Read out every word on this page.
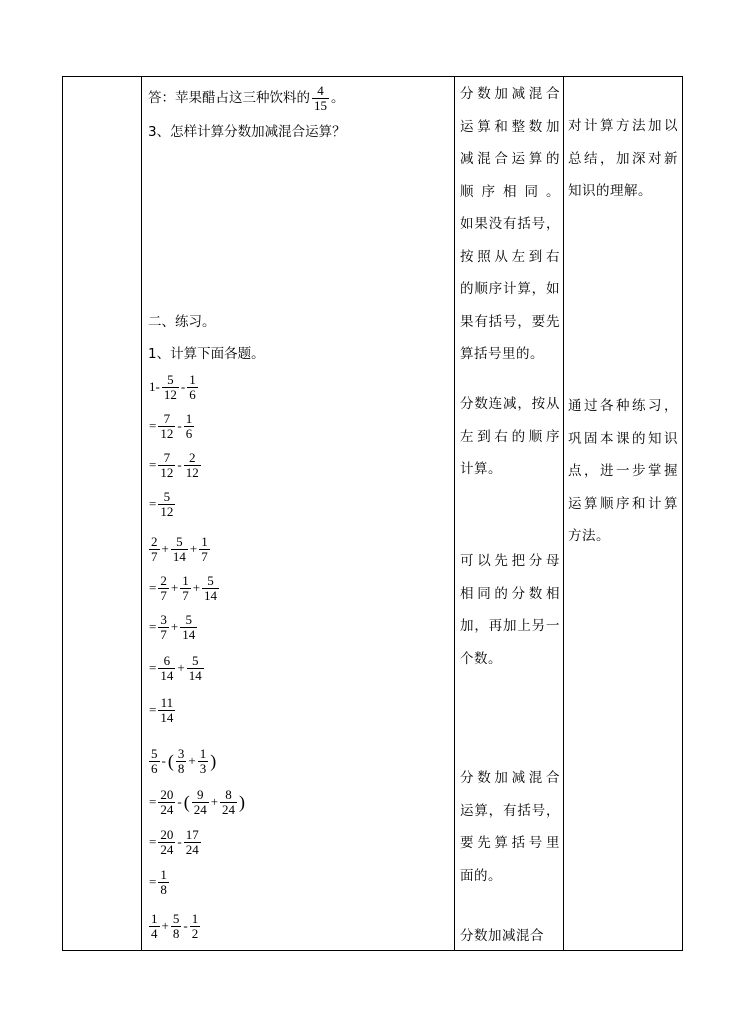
答：苹果醋占这三种饮料的 $\frac{4}{15}$ 。
3、怎样计算分数加减混合运算？
二、练习。
1、计算下面各题。
$1- \frac{5}{12} - \frac{1}{6}$
= $\frac{7}{12} - \frac{1}{6}$
= $\frac{7}{12} - \frac{2}{12}$
= $\frac{5}{12}$
$\frac{2}{7} + \frac{5}{14} + \frac{1}{7}$
= $\frac{2}{7} + \frac{1}{7} + \frac{5}{14}$
= $\frac{3}{7} + \frac{5}{14}$
= $\frac{6}{14} + \frac{5}{14}$
= $\frac{11}{14}$
$\frac{5}{6}$ - ( $\frac{3}{8} + \frac{1}{3}$ )
= $\frac{20}{24}$ - ( $\frac{9}{24} + \frac{8}{24}$ )
= $\frac{20}{24} - \frac{17}{24}$
= $\frac{1}{8}$
$\frac{1}{4} + \frac{5}{8} - \frac{1}{2}$
分数加减混合
运算和整数加
减混合运算的
顺序相同。
如果没有括号，
按照从左到右
的顺序计算，如
果有括号，要先
算括号里的。
分数连减，按从
左到右的顺序
计算。
可以先把分母
相同的分数相
加，再加上另一
个数。
分数加减混合
运算，有括号，
要先算括号里
面的。
分数加减混合
对计算方法加以
总结，加深对新
知识的理解。
通过各种练习，
巩固本课的知识
点，进一步掌握
运算顺序和计算
方法。
